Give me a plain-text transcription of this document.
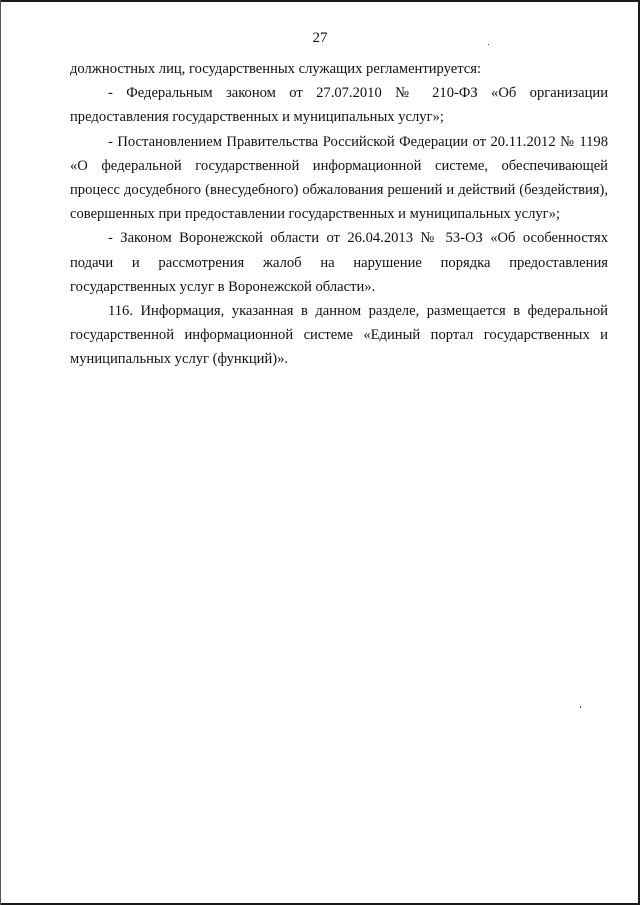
27

должностных лиц, государственных служащих регламентируется:

- Федеральным законом от 27.07.2010 № 210-ФЗ «Об организации предоставления государственных и муниципальных услуг»;

- Постановлением Правительства Российской Федерации от 20.11.2012 № 1198 «О федеральной государственной информационной системе, обеспечивающей процесс досудебного (внесудебного) обжалования решений и действий (бездействия), совершенных при предоставлении государственных и муниципальных услуг»;

- Законом Воронежской области от 26.04.2013 № 53-ОЗ «Об особенностях подачи и рассмотрения жалоб на нарушение порядка предоставления государственных услуг в Воронежской области».

116. Информация, указанная в данном разделе, размещается в федеральной государственной информационной системе «Единый портал государственных и муниципальных услуг (функций)».
